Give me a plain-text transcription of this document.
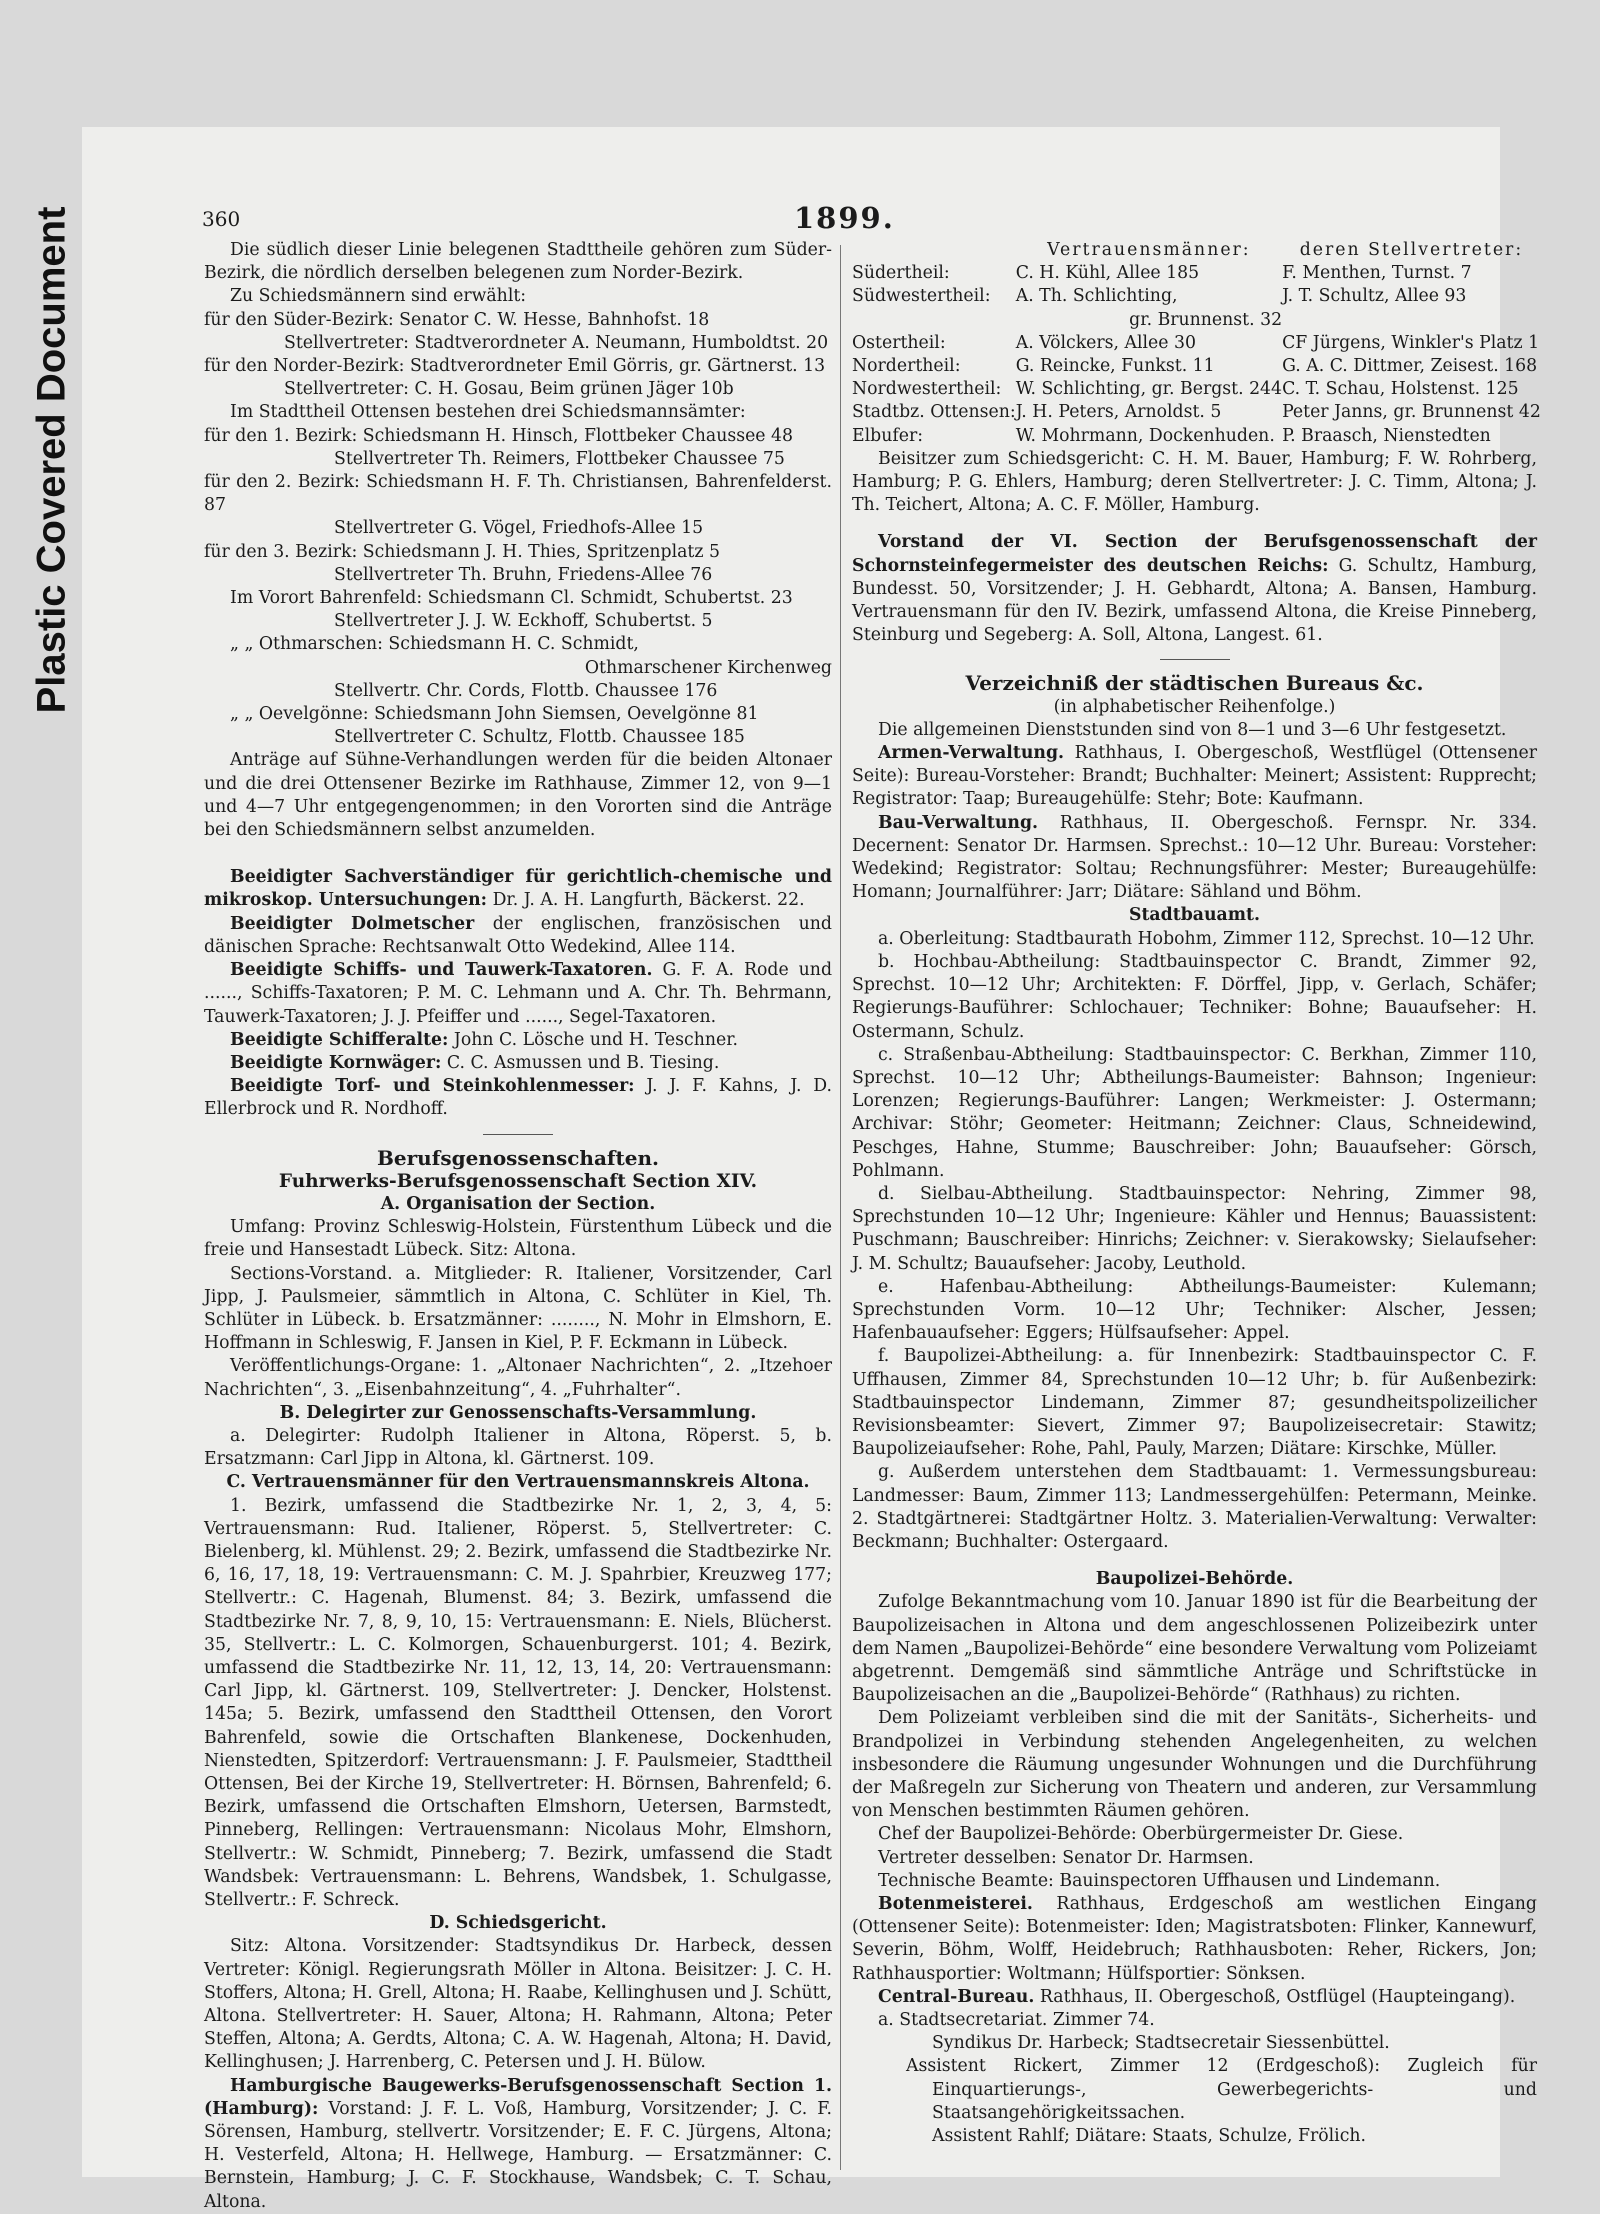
Plastic Covered Document	360	1899.

Die südlich dieser Linie belegenen Stadttheile gehören zum Süder-Bezirk, die nördlich derselben belegenen zum Norder-Bezirk.

Zu Schiedsmännern sind erwählt:

für den Süder-Bezirk: Senator C. W. Hesse, Bahnhofst. 18

Stellvertreter: Stadtverordneter A. Neumann, Humboldtst. 20

für den Norder-Bezirk: Stadtverordneter Emil Görris, gr. Gärtnerst. 13

Stellvertreter: C. H. Gosau, Beim grünen Jäger 10b

Im Stadttheil Ottensen bestehen drei Schiedsmannsämter:

für den 1. Bezirk: Schiedsmann H. Hinsch, Flottbeker Chaussee 48

Stellvertreter Th. Reimers, Flottbeker Chaussee 75

für den 2. Bezirk: Schiedsmann H. F. Th. Christiansen, Bahrenfelderst. 87

Stellvertreter G. Vögel, Friedhofs-Allee 15

für den 3. Bezirk: Schiedsmann J. H. Thies, Spritzenplatz 5

Stellvertreter Th. Bruhn, Friedens-Allee 76

Im Vorort Bahrenfeld: Schiedsmann Cl. Schmidt, Schubertst. 23

Stellvertreter J. J. W. Eckhoff, Schubertst. 5

„ „ Othmarschen: Schiedsmann H. C. Schmidt,

Othmarschener Kirchenweg

Stellvertr. Chr. Cords, Flottb. Chaussee 176

„ „ Oevelgönne: Schiedsmann John Siemsen, Oevelgönne 81

Stellvertreter C. Schultz, Flottb. Chaussee 185

Anträge auf Sühne-Verhandlungen werden für die beiden Altonaer und die drei Ottensener Bezirke im Rathhause, Zimmer 12, von 9—1 und 4—7 Uhr entgegengenommen; in den Vororten sind die Anträge bei den Schiedsmännern selbst anzumelden.

Beeidigter Sachverständiger für gerichtlich-chemische und mikroskop. Untersuchungen: Dr. J. A. H. Langfurth, Bäckerst. 22.

Beeidigter Dolmetscher der englischen, französischen und dänischen Sprache: Rechtsanwalt Otto Wedekind, Allee 114.

Beeidigte Schiffs- und Tauwerk-Taxatoren. G. F. A. Rode und ......, Schiffs-Taxatoren; P. M. C. Lehmann und A. Chr. Th. Behrmann, Tauwerk-Taxatoren; J. J. Pfeiffer und ......, Segel-Taxatoren.

Beeidigte Schifferalte: John C. Lösche und H. Teschner.

Beeidigte Kornwäger: C. C. Asmussen und B. Tiesing.

Beeidigte Torf- und Steinkohlenmesser: J. J. F. Kahns, J. D. Ellerbrock und R. Nordhoff.

Berufsgenossenschaften.

Fuhrwerks-Berufsgenossenschaft Section XIV.

A. Organisation der Section.

Umfang: Provinz Schleswig-Holstein, Fürstenthum Lübeck und die freie und Hansestadt Lübeck. Sitz: Altona.

Sections-Vorstand. a. Mitglieder: R. Italiener, Vorsitzender, Carl Jipp, J. Paulsmeier, sämmtlich in Altona, C. Schlüter in Kiel, Th. Schlüter in Lübeck. b. Ersatzmänner: ........, N. Mohr in Elmshorn, E. Hoffmann in Schleswig, F. Jansen in Kiel, P. F. Eckmann in Lübeck.

Veröffentlichungs-Organe: 1. „Altonaer Nachrichten“, 2. „Itzehoer Nachrichten“, 3. „Eisenbahnzeitung“, 4. „Fuhrhalter“.

B. Delegirter zur Genossenschafts-Versammlung.

a. Delegirter: Rudolph Italiener in Altona, Röperst. 5, b. Ersatzmann: Carl Jipp in Altona, kl. Gärtnerst. 109.

C. Vertrauensmänner für den Vertrauensmannskreis Altona.

1. Bezirk, umfassend die Stadtbezirke Nr. 1, 2, 3, 4, 5: Vertrauensmann: Rud. Italiener, Röperst. 5, Stellvertreter: C. Bielenberg, kl. Mühlenst. 29; 2. Bezirk, umfassend die Stadtbezirke Nr. 6, 16, 17, 18, 19: Vertrauensmann: C. M. J. Spahrbier, Kreuzweg 177; Stellvertr.: C. Hagenah, Blumenst. 84; 3. Bezirk, umfassend die Stadtbezirke Nr. 7, 8, 9, 10, 15: Vertrauensmann: E. Niels, Blücherst. 35, Stellvertr.: L. C. Kolmorgen, Schauenburgerst. 101; 4. Bezirk, umfassend die Stadtbezirke Nr. 11, 12, 13, 14, 20: Vertrauensmann: Carl Jipp, kl. Gärtnerst. 109, Stellvertreter: J. Dencker, Holstenst. 145a; 5. Bezirk, umfassend den Stadttheil Ottensen, den Vorort Bahrenfeld, sowie die Ortschaften Blankenese, Dockenhuden, Nienstedten, Spitzerdorf: Vertrauensmann: J. F. Paulsmeier, Stadttheil Ottensen, Bei der Kirche 19, Stellvertreter: H. Börnsen, Bahrenfeld; 6. Bezirk, umfassend die Ortschaften Elmshorn, Uetersen, Barmstedt, Pinneberg, Rellingen: Vertrauensmann: Nicolaus Mohr, Elmshorn, Stellvertr.: W. Schmidt, Pinneberg; 7. Bezirk, umfassend die Stadt Wandsbek: Vertrauensmann: L. Behrens, Wandsbek, 1. Schulgasse, Stellvertr.: F. Schreck.

D. Schiedsgericht.

Sitz: Altona. Vorsitzender: Stadtsyndikus Dr. Harbeck, dessen Vertreter: Königl. Regierungsrath Möller in Altona. Beisitzer: J. C. H. Stoffers, Altona; H. Grell, Altona; H. Raabe, Kellinghusen und J. Schütt, Altona. Stellvertreter: H. Sauer, Altona; H. Rahmann, Altona; Peter Steffen, Altona; A. Gerdts, Altona; C. A. W. Hagenah, Altona; H. David, Kellinghusen; J. Harrenberg, C. Petersen und J. H. Bülow.

Hamburgische Baugewerks-Berufsgenossenschaft Section 1. (Hamburg): Vorstand: J. F. L. Voß, Hamburg, Vorsitzender; J. C. F. Sörensen, Hamburg, stellvertr. Vorsitzender; E. F. C. Jürgens, Altona; H. Vesterfeld, Altona; H. Hellwege, Hamburg. — Ersatzmänner: C. Bernstein, Hamburg; J. C. F. Stockhause, Wandsbek; C. T. Schau, Altona.

	Vertrauensmänner:	deren Stellvertreter:
Südertheil:	C. H. Kühl, Allee 185	F. Menthen, Turnst. 7
Südwestertheil:	A. Th. Schlichting,	J. T. Schultz, Allee 93
	gr. Brunnenst. 32	
Ostertheil:	A. Völckers, Allee 30	CF Jürgens, Winkler's Platz 1
Nordertheil:	G. Reincke, Funkst. 11	G. A. C. Dittmer, Zeisest. 168
Nordwestertheil:	W. Schlichting, gr. Bergst. 244	C. T. Schau, Holstenst. 125
Stadtbz. Ottensen:	J. H. Peters, Arnoldst. 5	Peter Janns, gr. Brunnenst 42
Elbufer:	W. Mohrmann, Dockenhuden.	P. Braasch, Nienstedten

Beisitzer zum Schiedsgericht: C. H. M. Bauer, Hamburg; F. W. Rohrberg, Hamburg; P. G. Ehlers, Hamburg; deren Stellvertreter: J. C. Timm, Altona; J. Th. Teichert, Altona; A. C. F. Möller, Hamburg.

Vorstand der VI. Section der Berufsgenossenschaft der Schornsteinfegermeister des deutschen Reichs: G. Schultz, Hamburg, Bundesst. 50, Vorsitzender; J. H. Gebhardt, Altona; A. Bansen, Hamburg. Vertrauensmann für den IV. Bezirk, umfassend Altona, die Kreise Pinneberg, Steinburg und Segeberg: A. Soll, Altona, Langest. 61.

Verzeichniß der städtischen Bureaus &c.

(in alphabetischer Reihenfolge.)

Die allgemeinen Dienststunden sind von 8—1 und 3—6 Uhr festgesetzt.

Armen-Verwaltung. Rathhaus, I. Obergeschoß, Westflügel (Ottensener Seite): Bureau-Vorsteher: Brandt; Buchhalter: Meinert; Assistent: Rupprecht; Registrator: Taap; Bureaugehülfe: Stehr; Bote: Kaufmann.

Bau-Verwaltung. Rathhaus, II. Obergeschoß. Fernspr. Nr. 334. Decernent: Senator Dr. Harmsen. Sprechst.: 10—12 Uhr. Bureau: Vorsteher: Wedekind; Registrator: Soltau; Rechnungsführer: Mester; Bureaugehülfe: Homann; Journalführer: Jarr; Diätare: Sähland und Böhm.

Stadtbauamt.

a. Oberleitung: Stadtbaurath Hobohm, Zimmer 112, Sprechst. 10—12 Uhr.

b. Hochbau-Abtheilung: Stadtbauinspector C. Brandt, Zimmer 92, Sprechst. 10—12 Uhr; Architekten: F. Dörffel, Jipp, v. Gerlach, Schäfer; Regierungs-Bauführer: Schlochauer; Techniker: Bohne; Bauaufseher: H. Ostermann, Schulz.

c. Straßenbau-Abtheilung: Stadtbauinspector: C. Berkhan, Zimmer 110, Sprechst. 10—12 Uhr; Abtheilungs-Baumeister: Bahnson; Ingenieur: Lorenzen; Regierungs-Bauführer: Langen; Werkmeister: J. Ostermann; Archivar: Stöhr; Geometer: Heitmann; Zeichner: Claus, Schneidewind, Peschges, Hahne, Stumme; Bauschreiber: John; Bauaufseher: Görsch, Pohlmann.

d. Sielbau-Abtheilung. Stadtbauinspector: Nehring, Zimmer 98, Sprechstunden 10—12 Uhr; Ingenieure: Kähler und Hennus; Bauassistent: Puschmann; Bauschreiber: Hinrichs; Zeichner: v. Sierakowsky; Sielaufseher: J. M. Schultz; Bauaufseher: Jacoby, Leuthold.

e. Hafenbau-Abtheilung: Abtheilungs-Baumeister: Kulemann; Sprechstunden Vorm. 10—12 Uhr; Techniker: Alscher, Jessen; Hafenbauaufseher: Eggers; Hülfsaufseher: Appel.

f. Baupolizei-Abtheilung: a. für Innenbezirk: Stadtbauinspector C. F. Uffhausen, Zimmer 84, Sprechstunden 10—12 Uhr; b. für Außenbezirk: Stadtbauinspector Lindemann, Zimmer 87; gesundheitspolizeilicher Revisionsbeamter: Sievert, Zimmer 97; Baupolizeisecretair: Stawitz; Baupolizeiaufseher: Rohe, Pahl, Pauly, Marzen; Diätare: Kirschke, Müller.

g. Außerdem unterstehen dem Stadtbauamt: 1. Vermessungsbureau: Landmesser: Baum, Zimmer 113; Landmessergehülfen: Petermann, Meinke. 2. Stadtgärtnerei: Stadtgärtner Holtz. 3. Materialien-Verwaltung: Verwalter: Beckmann; Buchhalter: Ostergaard.

Baupolizei-Behörde.

Zufolge Bekanntmachung vom 10. Januar 1890 ist für die Bearbeitung der Baupolizeisachen in Altona und dem angeschlossenen Polizeibezirk unter dem Namen „Baupolizei-Behörde“ eine besondere Verwaltung vom Polizeiamt abgetrennt. Demgemäß sind sämmtliche Anträge und Schriftstücke in Baupolizeisachen an die „Baupolizei-Behörde“ (Rathhaus) zu richten.

Dem Polizeiamt verbleiben sind die mit der Sanitäts-, Sicherheits- und Brandpolizei in Verbindung stehenden Angelegenheiten, zu welchen insbesondere die Räumung ungesunder Wohnungen und die Durchführung der Maßregeln zur Sicherung von Theatern und anderen, zur Versammlung von Menschen bestimmten Räumen gehören.

Chef der Baupolizei-Behörde: Oberbürgermeister Dr. Giese.

Vertreter desselben: Senator Dr. Harmsen.

Technische Beamte: Bauinspectoren Uffhausen und Lindemann.

Botenmeisterei. Rathhaus, Erdgeschoß am westlichen Eingang (Ottensener Seite): Botenmeister: Iden; Magistratsboten: Flinker, Kannewurf, Severin, Böhm, Wolff, Heidebruch; Rathhausboten: Reher, Rickers, Jon; Rathhausportier: Woltmann; Hülfsportier: Sönksen.

Central-Bureau. Rathhaus, II. Obergeschoß, Ostflügel (Haupteingang).

a. Stadtsecretariat. Zimmer 74.

Syndikus Dr. Harbeck; Stadtsecretair Siessenbüttel.

Assistent Rickert, Zimmer 12 (Erdgeschoß): Zugleich für Einquartierungs-, Gewerbegerichts- und Staatsangehörigkeitssachen.

Assistent Rahlf; Diätare: Staats, Schulze, Frölich.
